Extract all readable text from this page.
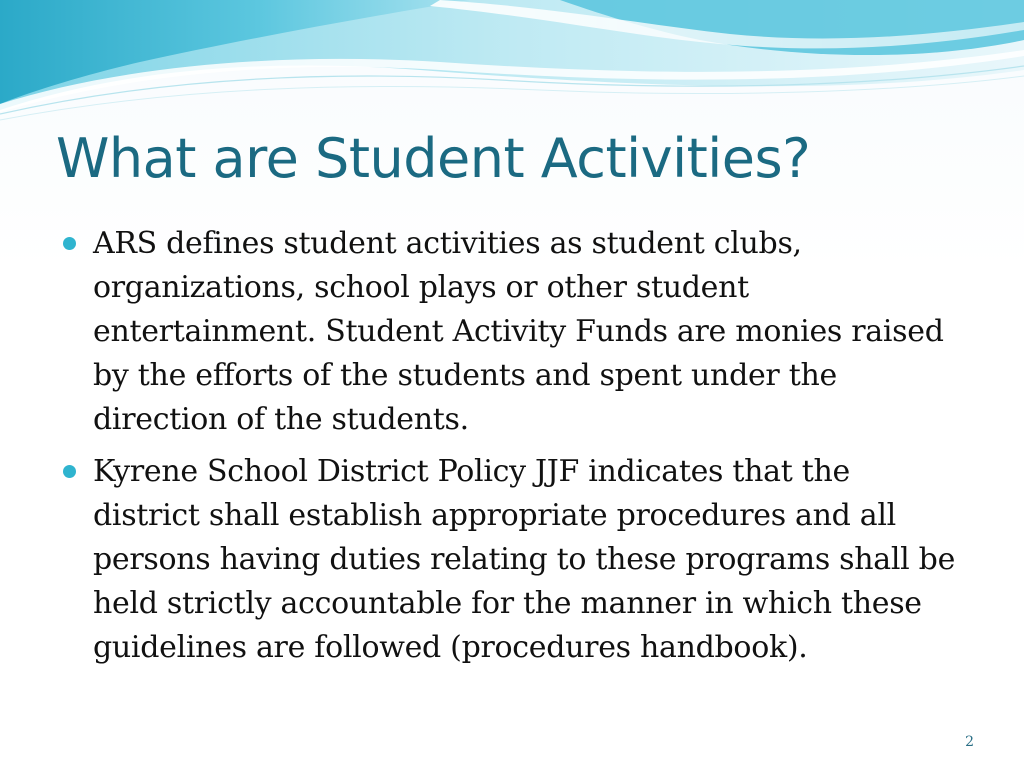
What are Student Activities?
ARS defines student activities as student clubs, organizations, school plays or other student entertainment. Student Activity Funds are monies raised by the efforts of the students and spent under the direction of the students.
Kyrene School District Policy JJF indicates that the district shall establish appropriate procedures and all persons having duties relating to these programs shall be held strictly accountable for the manner in which these guidelines are followed (procedures handbook).
2
